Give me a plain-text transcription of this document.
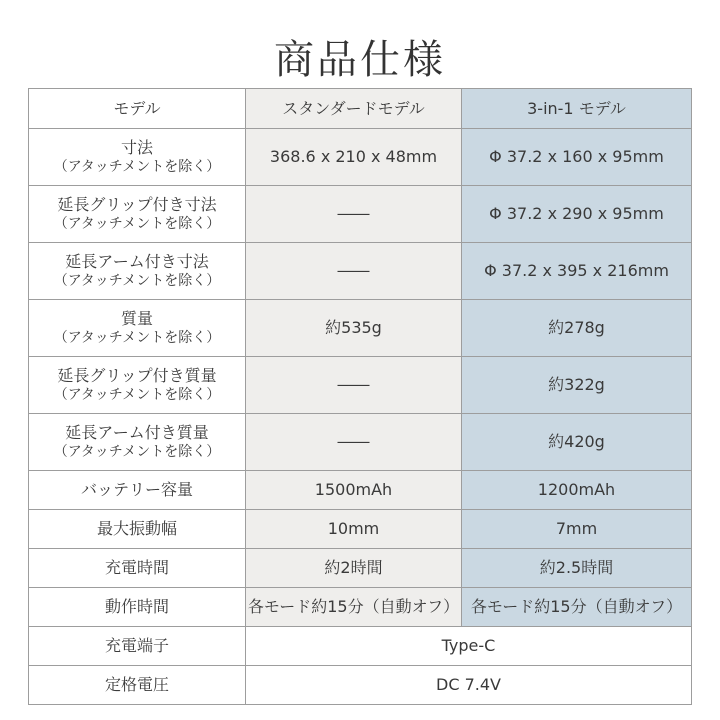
商品仕様
モデル	スタンダードモデル	3-in-1 モデル
寸法
（アタッチメントを除く）	368.6 x 210 x 48mm	Φ 37.2 x 160 x 95mm
延長グリップ付き寸法
（アタッチメントを除く）	――	Φ 37.2 x 290 x 95mm
延長アーム付き寸法
（アタッチメントを除く）	――	Φ 37.2 x 395 x 216mm
質量
（アタッチメントを除く）	約535g	約278g
延長グリップ付き質量
（アタッチメントを除く）	――	約322g
延長アーム付き質量
（アタッチメントを除く）	――	約420g
バッテリー容量	1500mAh	1200mAh
最大振動幅	10mm	7mm
充電時間	約2時間	約2.5時間
動作時間	各モード約15分（自動オフ）	各モード約15分（自動オフ）
充電端子	Type-C	
定格電圧	DC 7.4V	
